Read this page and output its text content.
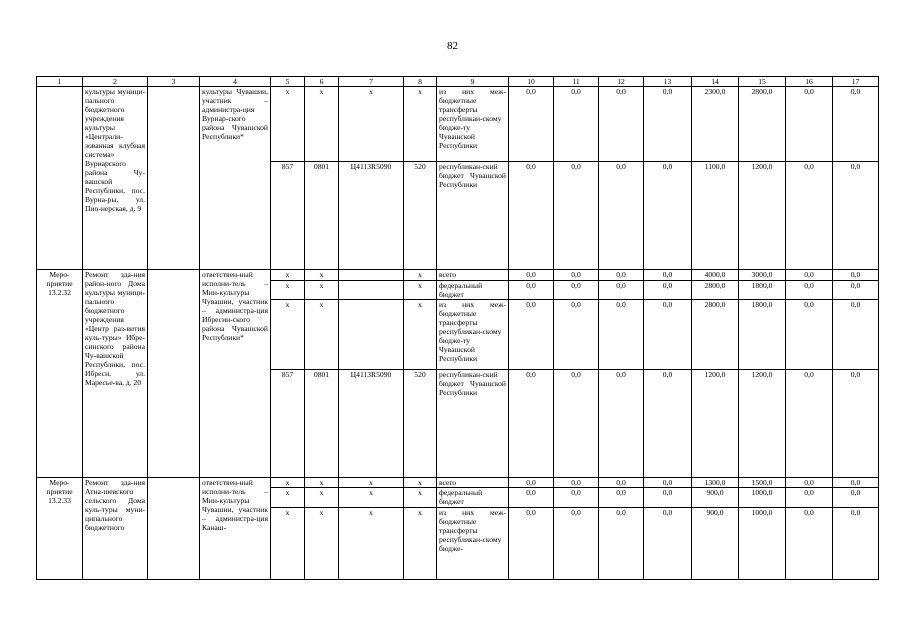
82
1	2	3	4	5	6	7	8	9	10	11	12	13	14	15	16	17
	культуры муници-пального бюджетного учреждения культуры «Централи-зованная клубная система» Вурнарского района Чу-вашской Республики, пос. Вурна-ры, ул. Пио-нерская, д. 9		культуры Чувашии, участник – администра-ция Вурнар-ского района Чувашской Республики*	x	x	x	x	из них меж-бюджетные трансферты республикан-скому бюдже-ту Чувашской Республики	0,0	0,0	0,0	0,0	2300,0	2800,0	0,0	0,0
				857	0801	Ц4113R5090	520	республикан-ский бюджет Чувашской Республики	0,0	0,0	0,0	0,0	1100,0	1200,0	0,0	0,0
Меро-приятие 13.2.32	Ремонт зда-ния район-ного Дома культуры муници-пального бюджетного учреждения «Центр раз-вития куль-туры» Ибре-синского района Чу-вашской Республики, пос. Ибреси, ул. Маресье-ва, д. 20		ответствен-ный исполни-тель – Мин-культуры Чувашии, участник – администра-ция Ибресин-ского района Чувашской Республики*	x	x		x	всего	0,0	0,0	0,0	0,0	4000,0	3000,0	0,0	0,0
				x	x		x	федеральный бюджет	0,0	0,0	0,0	0,0	2800,0	1800,0	0,0	0,0
				x	x		x	из них меж-бюджетные трансферты республикан-скому бюдже-ту Чувашской Республики	0,0	0,0	0,0	0,0	2800,0	1800,0	0,0	0,0
				857	0801	Ц4113R5090	520	республикан-ский бюджет Чувашской Республики	0,0	0,0	0,0	0,0	1200,0	1200,0	0,0	0,0
Меро-приятие 13.2.33	Ремонт зда-ния Атна-шевского сельского Дома куль-туры муни-ципального бюджетного		ответствен-ный исполни-тель – Мин-культуры Чувашии, участник – администра-ция Канаш-	x	x	x	x	всего	0,0	0,0	0,0	0,0	1300,0	1500,0	0,0	0,0
				x	x	x	x	федеральный бюджет	0,0	0,0	0,0	0,0	900,0	1000,0	0,0	0,0
				x	x	x	x	из них меж-бюджетные трансферты республикан-скому бюдже-	0,0	0,0	0,0	0,0	900,0	1000,0	0,0	0,0
